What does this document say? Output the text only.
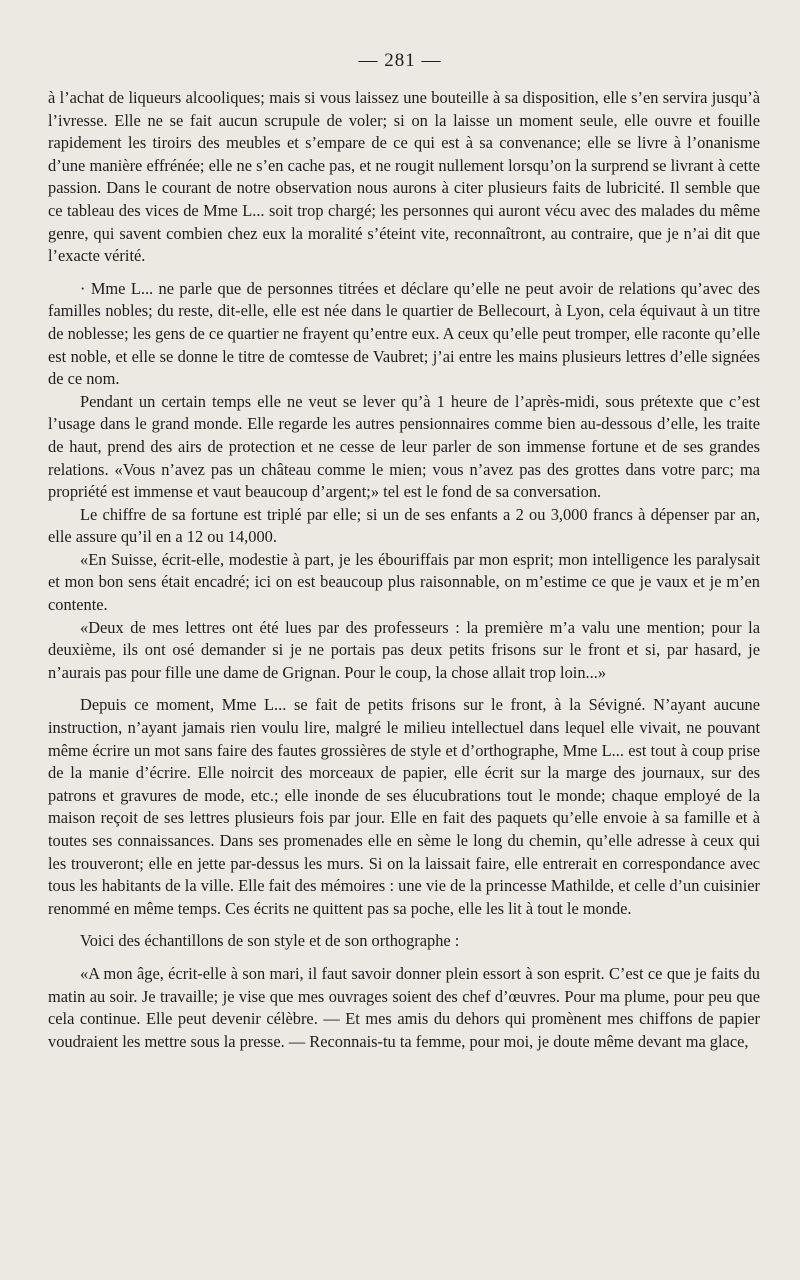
— 281 —

à l’achat de liqueurs alcooliques; mais si vous laissez une bouteille à sa disposition, elle s’en servira jusqu’à l’ivresse. Elle ne se fait aucun scrupule de voler; si on la laisse un moment seule, elle ouvre et fouille rapidement les tiroirs des meubles et s’empare de ce qui est à sa convenance; elle se livre à l’onanisme d’une manière effrénée; elle ne s’en cache pas, et ne rougit nullement lorsqu’on la surprend se livrant à cette passion. Dans le courant de notre observation nous aurons à citer plusieurs faits de lubricité. Il semble que ce tableau des vices de Mme L... soit trop chargé; les personnes qui auront vécu avec des malades du même genre, qui savent combien chez eux la moralité s’éteint vite, reconnaîtront, au contraire, que je n’ai dit que l’exacte vérité.

· Mme L... ne parle que de personnes titrées et déclare qu’elle ne peut avoir de relations qu’avec des familles nobles; du reste, dit-elle, elle est née dans le quartier de Bellecourt, à Lyon, cela équivaut à un titre de noblesse; les gens de ce quartier ne frayent qu’entre eux. A ceux qu’elle peut tromper, elle raconte qu’elle est noble, et elle se donne le titre de comtesse de Vaubret; j’ai entre les mains plusieurs lettres d’elle signées de ce nom.

Pendant un certain temps elle ne veut se lever qu’à 1 heure de l’après-midi, sous prétexte que c’est l’usage dans le grand monde. Elle regarde les autres pensionnaires comme bien au-dessous d’elle, les traite de haut, prend des airs de protection et ne cesse de leur parler de son immense fortune et de ses grandes relations. «Vous n’avez pas un château comme le mien; vous n’avez pas des grottes dans votre parc; ma propriété est immense et vaut beaucoup d’argent;» tel est le fond de sa conversation.

Le chiffre de sa fortune est triplé par elle; si un de ses enfants a 2 ou 3,000 francs à dépenser par an, elle assure qu’il en a 12 ou 14,000.

«En Suisse, écrit-elle, modestie à part, je les ébouriffais par mon esprit; mon intelligence les paralysait et mon bon sens était encadré; ici on est beaucoup plus raisonnable, on m’estime ce que je vaux et je m’en contente.

«Deux de mes lettres ont été lues par des professeurs : la première m’a valu une mention; pour la deuxième, ils ont osé demander si je ne portais pas deux petits frisons sur le front et si, par hasard, je n’aurais pas pour fille une dame de Grignan. Pour le coup, la chose allait trop loin...»

Depuis ce moment, Mme L... se fait de petits frisons sur le front, à la Sévigné. N’ayant aucune instruction, n’ayant jamais rien voulu lire, malgré le milieu intellectuel dans lequel elle vivait, ne pouvant même écrire un mot sans faire des fautes grossières de style et d’orthographe, Mme L... est tout à coup prise de la manie d’écrire. Elle noircit des morceaux de papier, elle écrit sur la marge des journaux, sur des patrons et gravures de mode, etc.; elle inonde de ses élucubrations tout le monde; chaque employé de la maison reçoit de ses lettres plusieurs fois par jour. Elle en fait des paquets qu’elle envoie à sa famille et à toutes ses connaissances. Dans ses promenades elle en sème le long du chemin, qu’elle adresse à ceux qui les trouveront; elle en jette par-dessus les murs. Si on la laissait faire, elle entrerait en correspondance avec tous les habitants de la ville. Elle fait des mémoires : une vie de la princesse Mathilde, et celle d’un cuisinier renommé en même temps. Ces écrits ne quittent pas sa poche, elle les lit à tout le monde.

Voici des échantillons de son style et de son orthographe :

«A mon âge, écrit-elle à son mari, il faut savoir donner plein essort à son esprit. C’est ce que je faits du matin au soir. Je travaille; je vise que mes ouvrages soient des chef d’œuvres. Pour ma plume, pour peu que cela continue. Elle peut devenir célèbre. — Et mes amis du dehors qui promènent mes chiffons de papier voudraient les mettre sous la presse. — Reconnais-tu ta femme, pour moi, je doute même devant ma glace,
